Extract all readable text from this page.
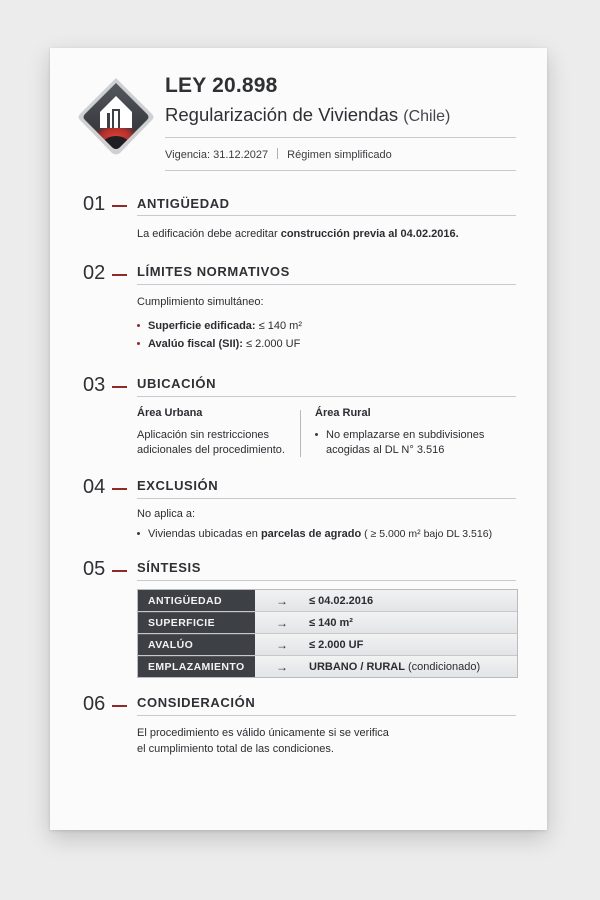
LEY 20.898
Regularización de Viviendas (Chile)
Vigencia: 31.12.2027 Régimen simplificado
01 ANTIGÜEDAD
La edificación debe acreditar construcción previa al 04.02.2016.
02 LÍMITES NORMATIVOS
Cumplimiento simultáneo:
Superficie edificada: ≤ 140 m²
Avalúo fiscal (SII): ≤ 2.000 UF
03 UBICACIÓN
Área Urbana
Aplicación sin restricciones
adicionales del procedimiento.
Área Rural
No emplazarse en subdivisiones
acogidas al DL N° 3.516
04 EXCLUSIÓN
No aplica a:
Viviendas ubicadas en parcelas de agrado ( ≥ 5.000 m² bajo DL 3.516)
05 SÍNTESIS
ANTIGÜEDAD	→	≤ 04.02.2016
SUPERFICIE	→	≤ 140 m²
AVALÚO	→	≤ 2.000 UF
EMPLAZAMIENTO	→	URBANO / RURAL (condicionado)
06 CONSIDERACIÓN
El procedimiento es válido únicamente si se verifica
el cumplimiento total de las condiciones.
